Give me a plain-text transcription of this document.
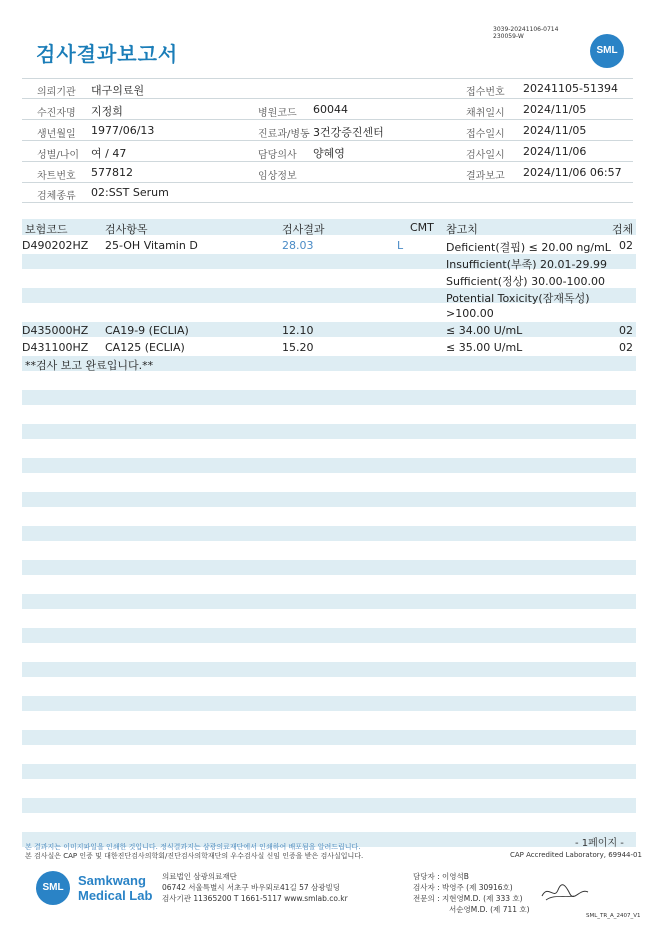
검사결과보고서
3039-20241106-0714
230059-W
SML
의뢰기관 대구의료원	접수번호 20241105-51394
수진자명 지정희	병원코드 60044	채취일시 2024/11/05
생년월일 1977/06/13	진료과/병동 3건강증진센터	접수일시 2024/11/05
성별/나이 여 / 47	담당의사 양혜영	검사일시 2024/11/06
차트번호 577812	임상정보	결과보고 2024/11/06 06:57
검체종류 02:SST Serum
보험코드	검사항목	검사결과	CMT 참고치	검체
D490202HZ 25-OH Vitamin D	28.03	L	Deficient(결핍) ≤ 20.00 ng/mL 02
Insufficient(부족) 20.01-29.99
Sufficient(정상) 30.00-100.00
Potential Toxicity(잠재독성)
>100.00
D435000HZ CA19-9 (ECLIA)	12.10	≤ 34.00 U/mL	02
D431100HZ CA125 (ECLIA)	15.20	≤ 35.00 U/mL	02
**검사 보고 완료입니다.**
본 결과지는 이미지파일을 인쇄한 것입니다. 정식결과지는 삼광의료재단에서 인쇄하여 배포됨을 알려드립니다.
본 검사실은 CAP 인증 및 대한진단검사의학회/진단검사의학재단의 우수검사실 신임 인증을 받은 검사실입니다.
- 1페이지 -
CAP Accredited Laboratory, 69944-01
SML	Samkwang
Medical Lab
의료법인 삼광의료재단
06742 서울특별시 서초구 바우뫼로41길 57 삼광빌딩
검사기관 11365200 T 1661-5117 www.smlab.co.kr
담당자 : 이영석B
검사자 : 박영주 (제 30916호)
전문의 : 지현영M.D. (제 333 호)
서순영M.D. (제 711 호)
SML_TR_A_2407_V1
